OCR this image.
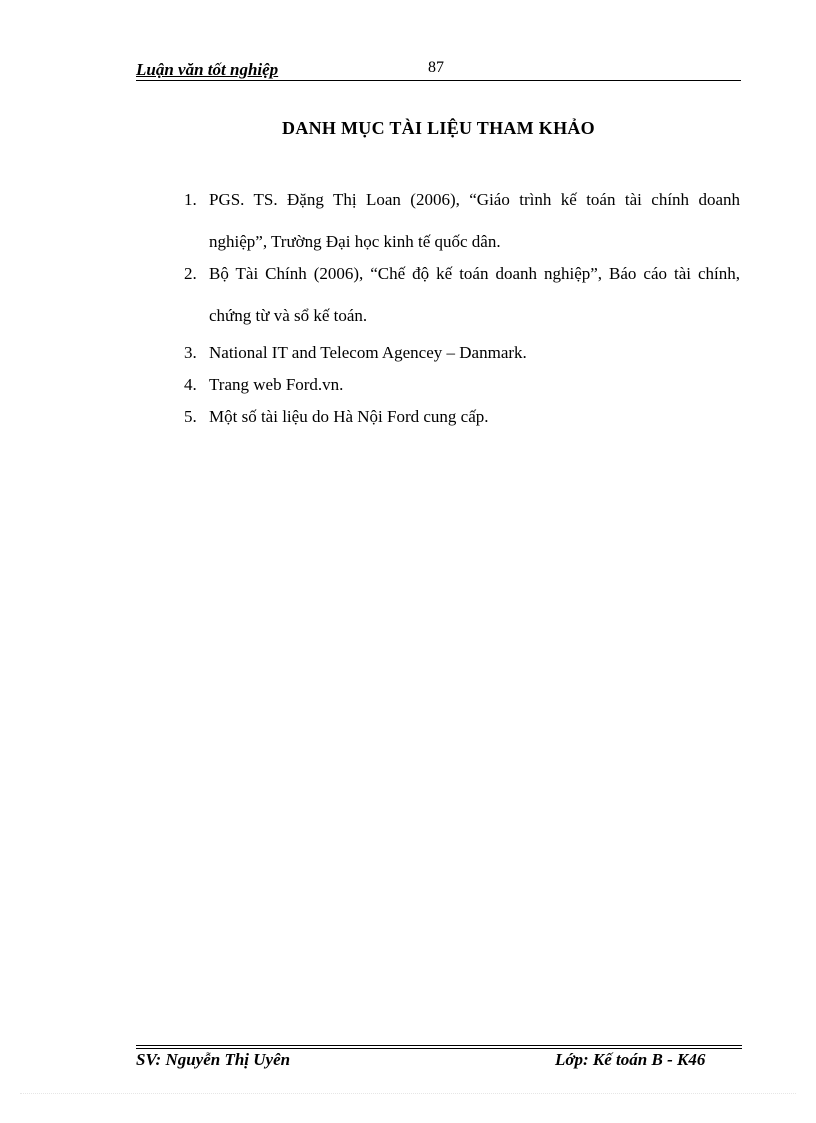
Luận văn tốt nghiệp	87
DANH MỤC TÀI LIỆU THAM KHẢO
1. PGS. TS. Đặng Thị Loan (2006), “Giáo trình kế toán tài chính doanh nghiệp”, Trường Đại học kinh tế quốc dân.
2. Bộ Tài Chính (2006), “Chế độ kế toán doanh nghiệp”, Báo cáo tài chính, chứng từ và sổ kế toán.
3. National IT and Telecom Agencey – Danmark.
4. Trang web Ford.vn.
5. Một số tài liệu do Hà Nội Ford cung cấp.
SV: Nguyễn Thị Uyên	Lớp: Kế toán B - K46
